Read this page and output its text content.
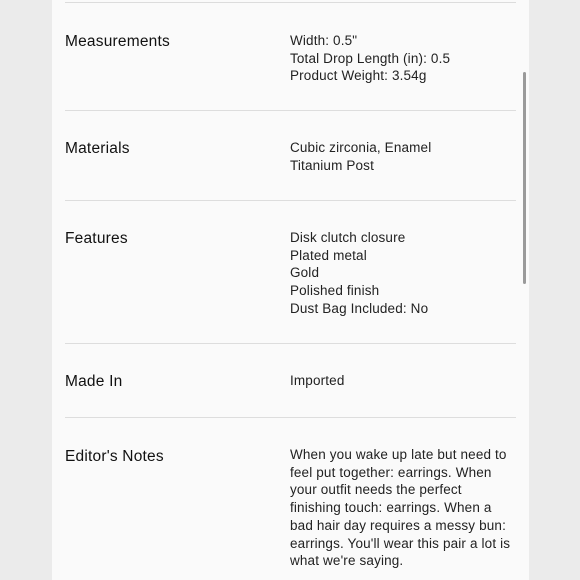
Measurements	Width: 0.5"
Total Drop Length (in): 0.5
Product Weight: 3.54g
Materials	Cubic zirconia, Enamel
Titanium Post
Features	Disk clutch closure
Plated metal
Gold
Polished finish
Dust Bag Included: No
Made In	Imported
Editor's Notes	When you wake up late but need to feel put together: earrings. When your outfit needs the perfect finishing touch: earrings. When a bad hair day requires a messy bun: earrings. You'll wear this pair a lot is what we're saying.
